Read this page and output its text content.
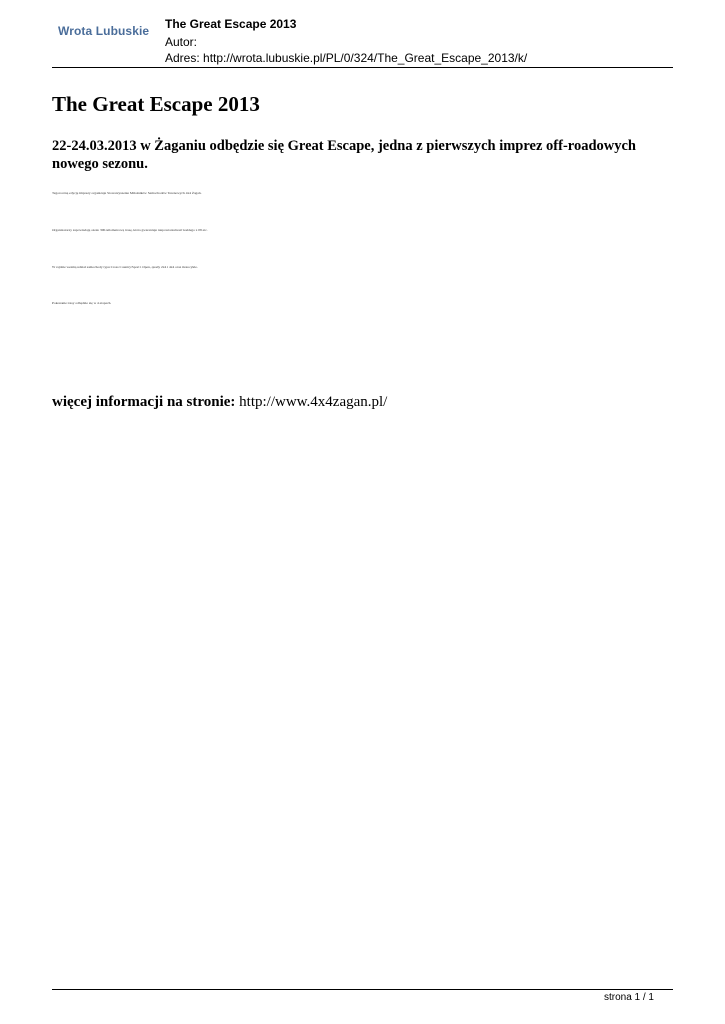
Wrota Lubuskie The Great Escape 2013
Autor:
Adres: http://wrota.lubuskie.pl/PL/0/324/The_Great_Escape_2013/k/
The Great Escape 2013

22-24.03.2013 w Żaganiu odbędzie się Great Escape, jedna z pierwszych imprez off-roadowych nowego sezonu.

Tegoroczną edycję imprezy organizuje Stowarzyszenie Miłośników Samochodów Terenowych 4x4 Żagań.

Organizatorzy zapowiadają około 300-kilometrową trasę, która gwarantuje niepowtarzalność każdego z 08 etc.

W rajdzie wezmą udział samochody typu Cross Country/Sport i Open, quady 2x4 i 4x4 oraz motocykle.

Pokonanie trasy odbędzie się w 4 etapach.

więcej informacji na stronie: http://www.4x4zagan.pl/

strona 1 / 1
